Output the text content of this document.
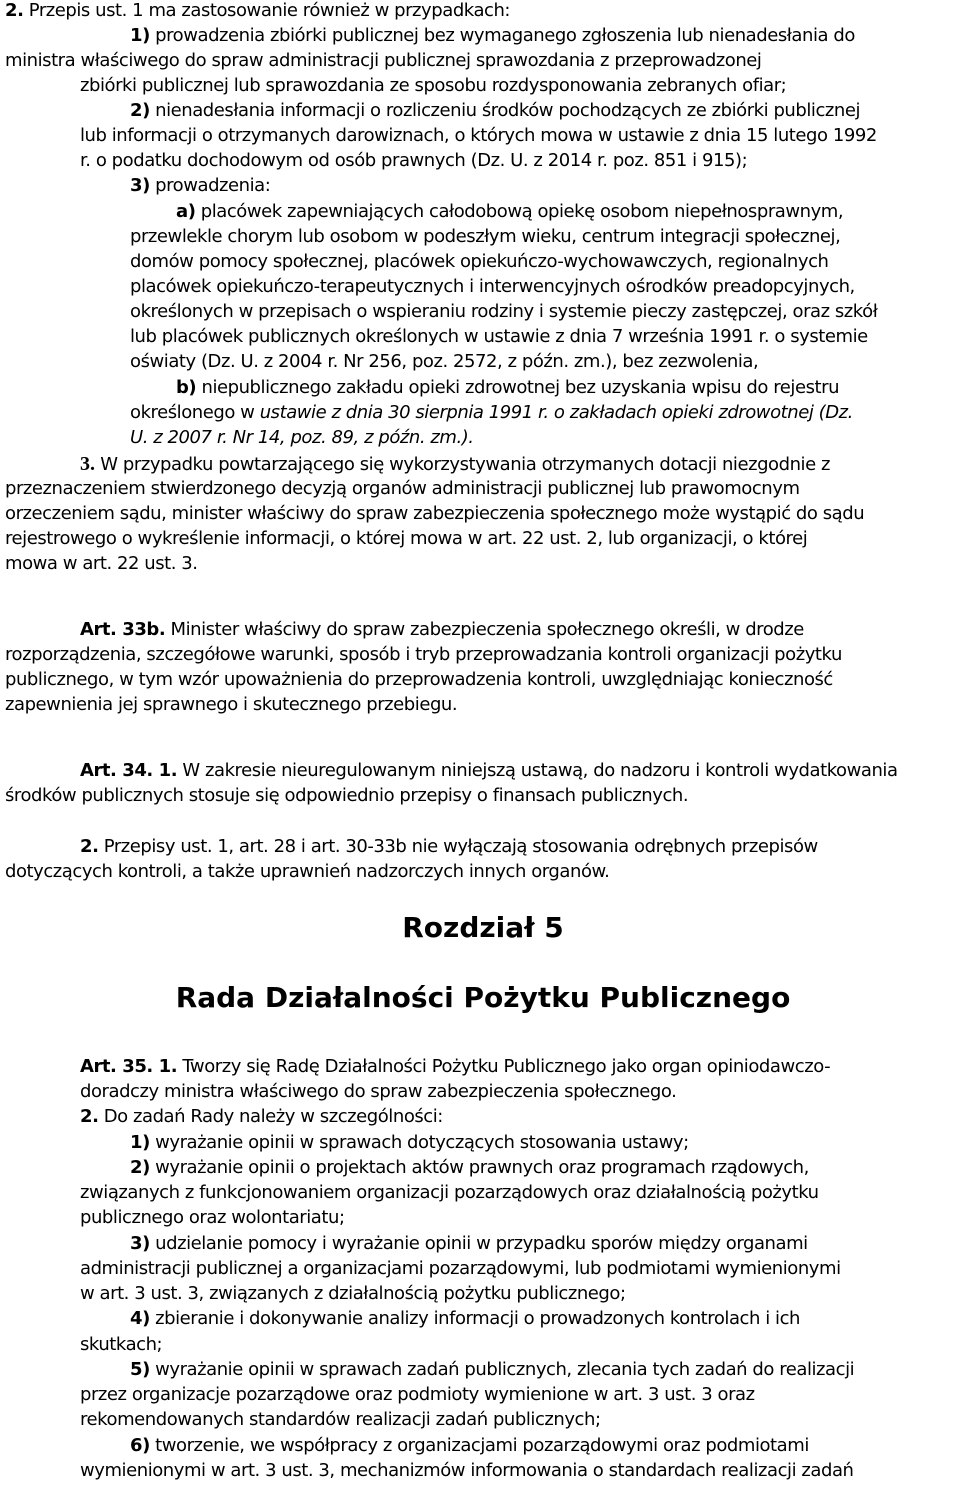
2. Przepis ust. 1 ma zastosowanie również w przypadkach:
1) prowadzenia zbiórki publicznej bez wymaganego zgłoszenia lub nienadesłania do
ministra właściwego do spraw administracji publicznej sprawozdania z przeprowadzonej
zbiórki publicznej lub sprawozdania ze sposobu rozdysponowania zebranych ofiar;
2) nienadesłania informacji o rozliczeniu środków pochodzących ze zbiórki publicznej
lub informacji o otrzymanych darowiznach, o których mowa w ustawie z dnia 15 lutego 1992
r. o podatku dochodowym od osób prawnych (Dz. U. z 2014 r. poz. 851 i 915);
3) prowadzenia:
a) placówek zapewniających całodobową opiekę osobom niepełnosprawnym,
przewlekle chorym lub osobom w podeszłym wieku, centrum integracji społecznej,
domów pomocy społecznej, placówek opiekuńczo-wychowawczych, regionalnych
placówek opiekuńczo-terapeutycznych i interwencyjnych ośrodków preadopcyjnych,
określonych w przepisach o wspieraniu rodziny i systemie pieczy zastępczej, oraz szkół
lub placówek publicznych określonych w ustawie z dnia 7 września 1991 r. o systemie
oświaty (Dz. U. z 2004 r. Nr 256, poz. 2572, z późn. zm.), bez zezwolenia,
b) niepublicznego zakładu opieki zdrowotnej bez uzyskania wpisu do rejestru
określonego w ustawie z dnia 30 sierpnia 1991 r. o zakładach opieki zdrowotnej (Dz.
U. z 2007 r. Nr 14, poz. 89, z późn. zm.).
3. W przypadku powtarzającego się wykorzystywania otrzymanych dotacji niezgodnie z
przeznaczeniem stwierdzonego decyzją organów administracji publicznej lub prawomocnym
orzeczeniem sądu, minister właściwy do spraw zabezpieczenia społecznego może wystąpić do sądu
rejestrowego o wykreślenie informacji, o której mowa w art. 22 ust. 2, lub organizacji, o której
mowa w art. 22 ust. 3.
Art. 33b. Minister właściwy do spraw zabezpieczenia społecznego określi, w drodze
rozporządzenia, szczegółowe warunki, sposób i tryb przeprowadzania kontroli organizacji pożytku
publicznego, w tym wzór upoważnienia do przeprowadzenia kontroli, uwzględniając konieczność
zapewnienia jej sprawnego i skutecznego przebiegu.
Art. 34. 1. W zakresie nieuregulowanym niniejszą ustawą, do nadzoru i kontroli wydatkowania
środków publicznych stosuje się odpowiednio przepisy o finansach publicznych.
2. Przepisy ust. 1, art. 28 i art. 30-33b nie wyłączają stosowania odrębnych przepisów
dotyczących kontroli, a także uprawnień nadzorczych innych organów.
Rozdział 5
Rada Działalności Pożytku Publicznego
Art. 35. 1. Tworzy się Radę Działalności Pożytku Publicznego jako organ opiniodawczo-
doradczy ministra właściwego do spraw zabezpieczenia społecznego.
2. Do zadań Rady należy w szczególności:
1) wyrażanie opinii w sprawach dotyczących stosowania ustawy;
2) wyrażanie opinii o projektach aktów prawnych oraz programach rządowych,
związanych z funkcjonowaniem organizacji pozarządowych oraz działalnością pożytku
publicznego oraz wolontariatu;
3) udzielanie pomocy i wyrażanie opinii w przypadku sporów między organami
administracji publicznej a organizacjami pozarządowymi, lub podmiotami wymienionymi
w art. 3 ust. 3, związanych z działalnością pożytku publicznego;
4) zbieranie i dokonywanie analizy informacji o prowadzonych kontrolach i ich
skutkach;
5) wyrażanie opinii w sprawach zadań publicznych, zlecania tych zadań do realizacji
przez organizacje pozarządowe oraz podmioty wymienione w art. 3 ust. 3 oraz
rekomendowanych standardów realizacji zadań publicznych;
6) tworzenie, we współpracy z organizacjami pozarządowymi oraz podmiotami
wymienionymi w art. 3 ust. 3, mechanizmów informowania o standardach realizacji zadań
